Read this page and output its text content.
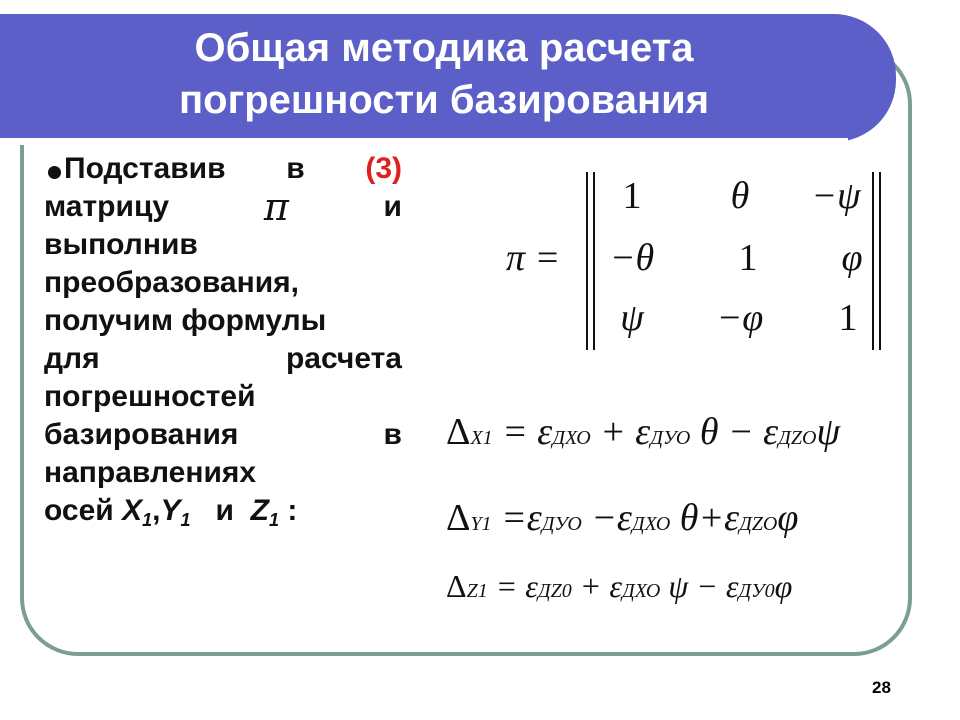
Общая методика расчета
погрешности базирования
Подставив в (3)
матрицу π	и
выполнив
преобразования,
получим формулы
для	расчета
погрешностей
базирования	в
направлениях
осей
$X_1$ , $Y_1$
и
$Z_1$
:
π =
1	θ	−ψ
−θ	1	φ
ψ	−φ	1
ΔX1 = εДХО + εДУО θ − εДZОψ
ΔY1 =εДУО −εДХО θ+εДZОφ
ΔZ1 = εДZ0 + εДХО ψ − εДУ0φ
28
